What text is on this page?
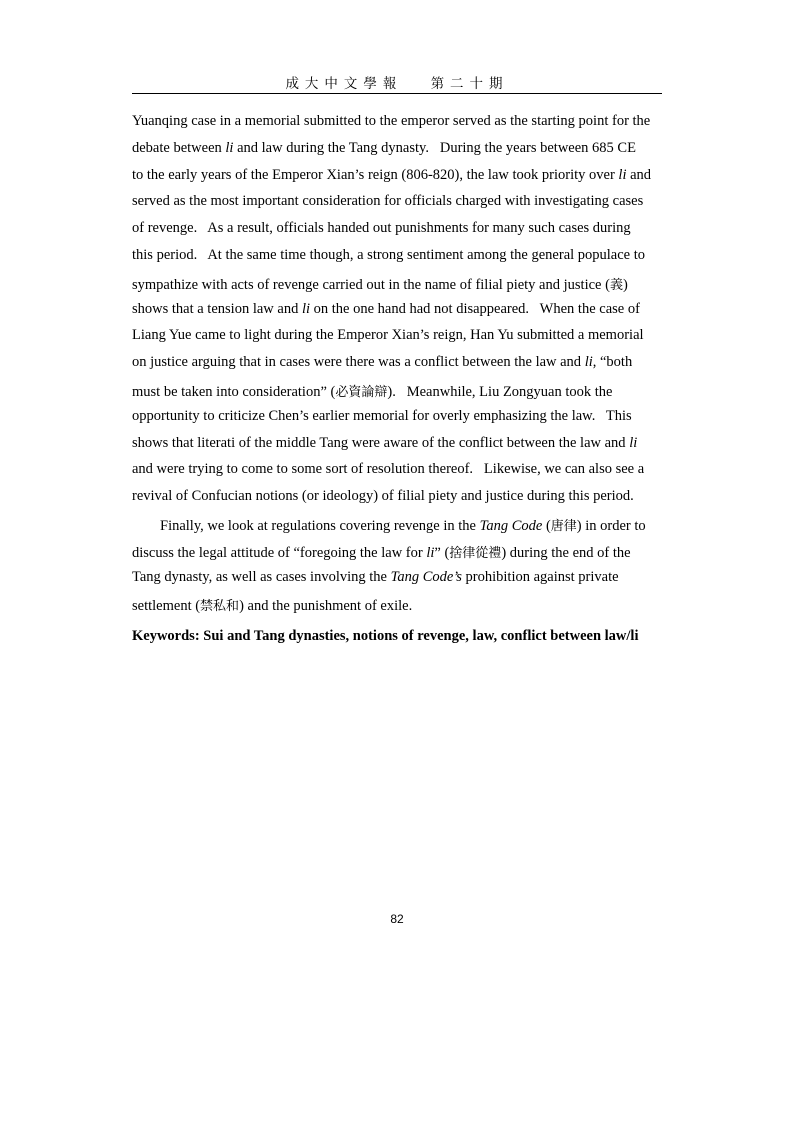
成大中文學報
第二十期
Yuanqing case in a memorial submitted to the emperor served as the starting point for the
debate between li and law during the Tang dynasty.   During the years between 685 CE
to the early years of the Emperor Xian’s reign (806-820), the law took priority over li and
served as the most important consideration for officials charged with investigating cases
of revenge.   As a result, officials handed out punishments for many such cases during
this period.   At the same time though, a strong sentiment among the general populace to
sympathize with acts of revenge carried out in the name of filial piety and justice (義)
shows that a tension law and li on the one hand had not disappeared.   When the case of
Liang Yue came to light during the Emperor Xian’s reign, Han Yu submitted a memorial
on justice arguing that in cases were there was a conflict between the law and li, “both
must be taken into consideration” (必資論辯).   Meanwhile, Liu Zongyuan took the
opportunity to criticize Chen’s earlier memorial for overly emphasizing the law.   This
shows that literati of the middle Tang were aware of the conflict between the law and li
and were trying to come to some sort of resolution thereof.   Likewise, we can also see a
revival of Confucian notions (or ideology) of filial piety and justice during this period.
Finally, we look at regulations covering revenge in the Tang Code (唐律) in order to
discuss the legal attitude of “foregoing the law for li” (捨律從禮) during the end of the
Tang dynasty, as well as cases involving the Tang Code’s prohibition against private
settlement (禁私和) and the punishment of exile.
Keywords: Sui and Tang dynasties, notions of revenge, law, conflict between law/li
82
